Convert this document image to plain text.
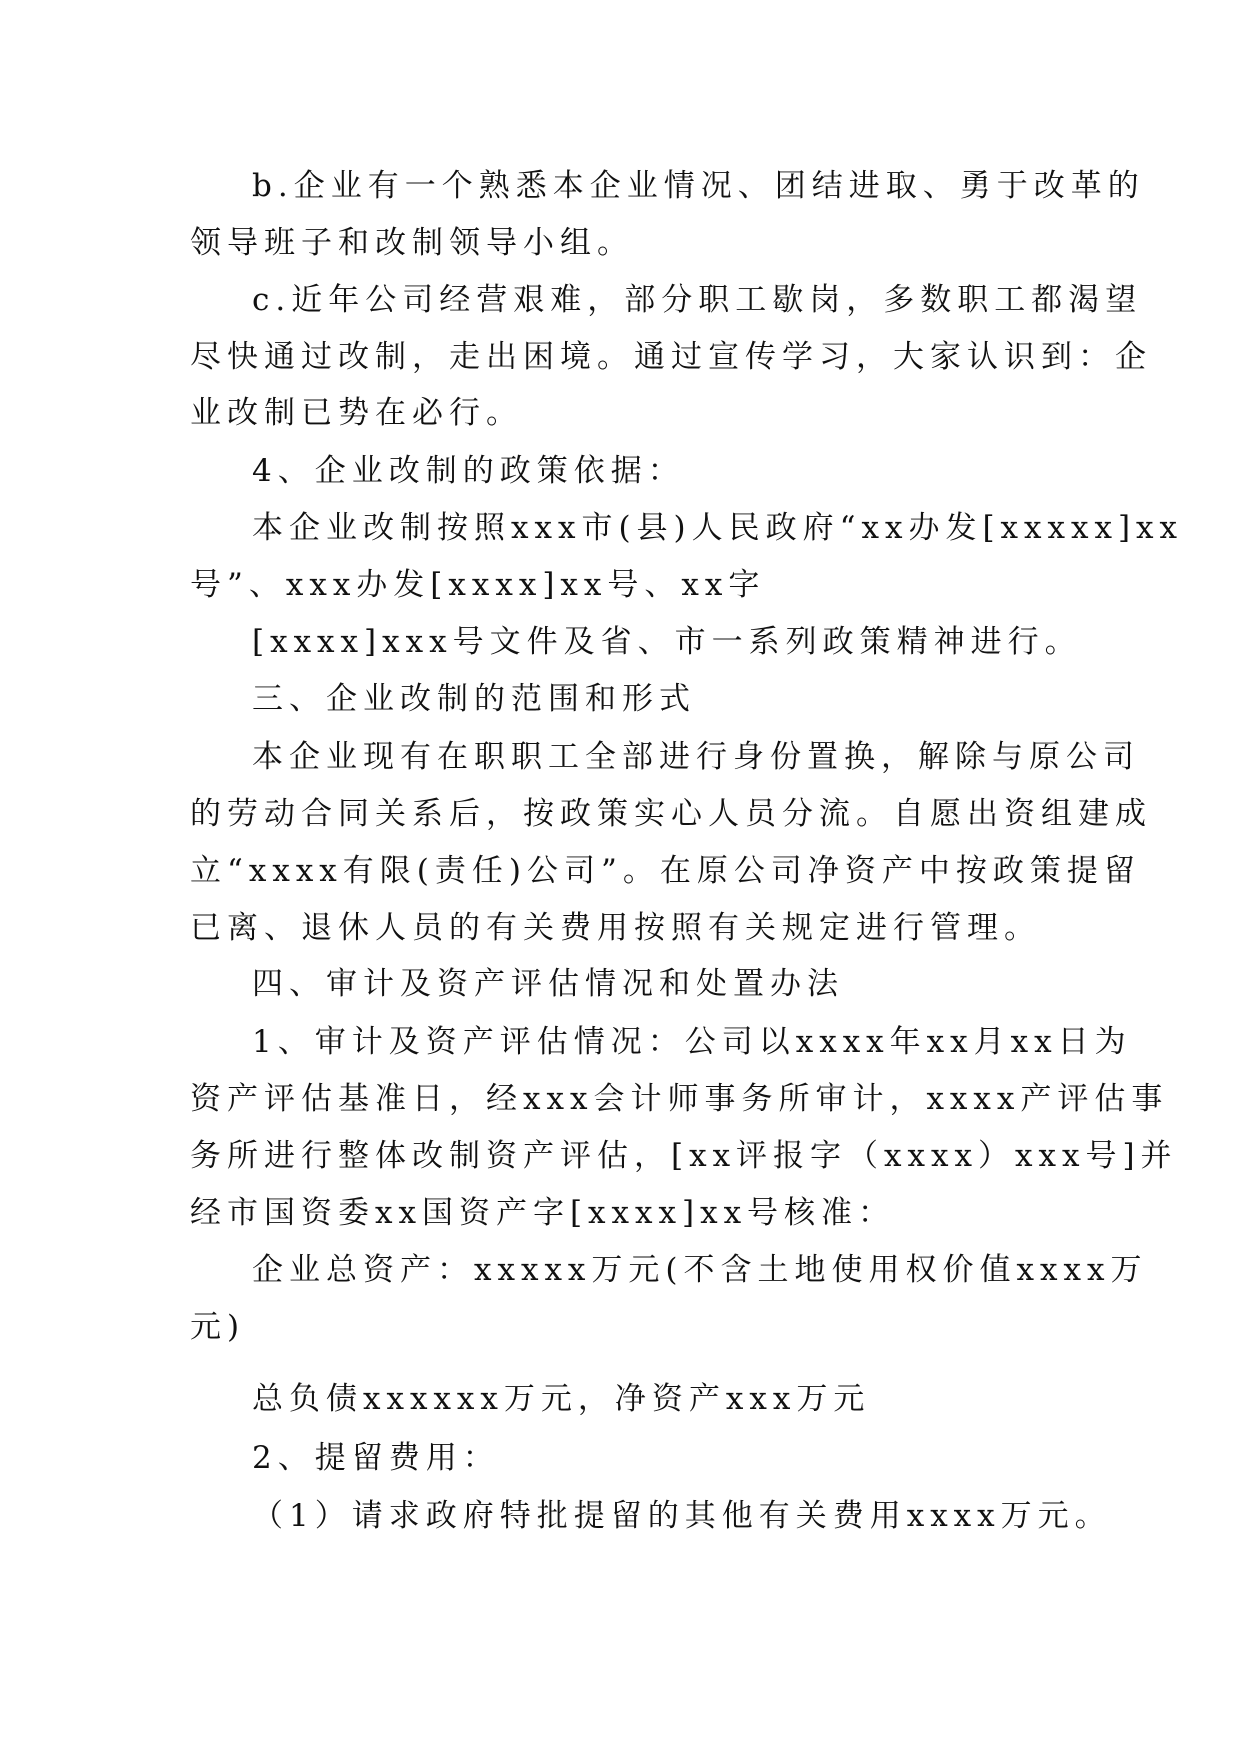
b.企业有一个熟悉本企业情况、团结进取、勇于改革的
领导班子和改制领导小组。
c.近年公司经营艰难，部分职工歇岗，多数职工都渴望
尽快通过改制，走出困境。通过宣传学习，大家认识到：企
业改制已势在必行。
4、企业改制的政策依据：
本企业改制按照xxx市(县)人民政府“xx办发[xxxxx]xx
号”、xxx办发[xxxx]xx号、xx字
[xxxx]xxx号文件及省、市一系列政策精神进行。
三、企业改制的范围和形式
本企业现有在职职工全部进行身份置换，解除与原公司
的劳动合同关系后，按政策实心人员分流。自愿出资组建成
立“xxxx有限(责任)公司”。在原公司净资产中按政策提留
已离、退休人员的有关费用按照有关规定进行管理。
四、审计及资产评估情况和处置办法
1、审计及资产评估情况：公司以xxxx年xx月xx日为
资产评估基准日，经xxx会计师事务所审计，xxxx产评估事
务所进行整体改制资产评估，[xx评报字（xxxx）xxx号]并
经市国资委xx国资产字[xxxx]xx号核准：
企业总资产：xxxxx万元(不含土地使用权价值xxxx万
元)
总负债xxxxxx万元，净资产xxx万元
2、提留费用：
（1）请求政府特批提留的其他有关费用xxxx万元。
